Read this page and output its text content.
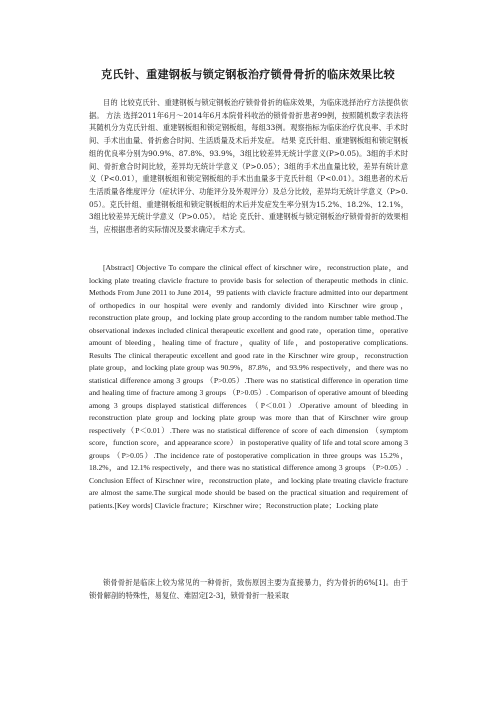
克氏针、重建钢板与锁定钢板治疗锁骨骨折的临床效果比较

目的 比较克氏针、重建钢板与锁定钢板治疗锁骨骨折的临床效果，为临床选择治疗方法提供依据。 方法 选择2011年6月～2014年6月本院骨科收治的锁骨骨折患者99例，按照随机数字表法将其随机分为克氏针组、重建钢板组和锁定钢板组，每组33例。观察指标为临床治疗优良率、手术时间、手术出血量、骨折愈合时间、生活质量及术后并发症。 结果 克氏针组、重建钢板组和锁定钢板组的优良率分别为90.9%、87.8%、93.9%，3组比较差异无统计学意义(P>0.05)。3组的手术时间、骨折愈合时间比较，差异均无统计学意义（P>0.05）；3组的手术出血量比较，差异有统计意义（P<0.01），重建钢板组和锁定钢板组的手术出血量多于克氏针组（P<0.01）。3组患者的术后生活质量各维度评分（症状评分、功能评分及外观评分）及总分比较，差异均无统计学意义（P>0.05）。克氏针组、重建钢板组和锁定钢板组的术后并发症发生率分别为15.2%、18.2%、12.1%，3组比较差异无统计学意义（P>0.05）。 结论 克氏针、重建钢板与锁定钢板治疗锁骨骨折的效果相当，应根据患者的实际情况及要求确定手术方式。

[Abstract] Objective To compare the clinical effect of kirschner wire，reconstruction plate，and locking plate treating clavicle fracture to provide basis for selection of therapeutic methods in clinic. Methods From June 2011 to June 2014，99 patients with clavicle fracture admitted into our department of orthopedics in our hospital were evenly and randomly divided into Kirschner wire group，reconstruction plate group，and locking plate group according to the random number table method.The observational indexes included clinical therapeutic excellent and good rate，operation time，operative amount of bleeding，healing time of fracture，quality of life，and postoperative complications. Results The clinical therapeutic excellent and good rate in the Kirschner wire group，reconstruction plate group，and locking plate group was 90.9%，87.8%，and 93.9% respectively，and there was no statistical difference among 3 groups （P>0.05）.There was no statistical difference in operation time and healing time of fracture among 3 groups （P>0.05）. Comparison of operative amount of bleeding among 3 groups displayed statistical differences （P＜0.01）.Operative amount of bleeding in reconstruction plate group and locking plate group was more than that of Kirschner wire group respectively（P＜0.01）.There was no statistical difference of score of each dimension （symptom score，function score，and appearance score） in postoperative quality of life and total score among 3 groups （P>0.05）.The incidence rate of postoperative complication in three groups was 15.2%，18.2%，and 12.1% respectively，and there was no statistical difference among 3 groups （P>0.05）. Conclusion Effect of Kirschner wire，reconstruction plate，and locking plate treating clavicle fracture are almost the same.The surgical mode should be based on the practical situation and requirement of patients.[Key words] Clavicle fracture；Kirschner wire；Reconstruction plate；Locking plate

锁骨骨折是临床上较为常见的一种骨折，致伤原因主要为直接暴力，约为骨折的6%[1]。由于锁骨解剖的特殊性，易复位、难固定[2-3]，锁骨骨折一般采取
